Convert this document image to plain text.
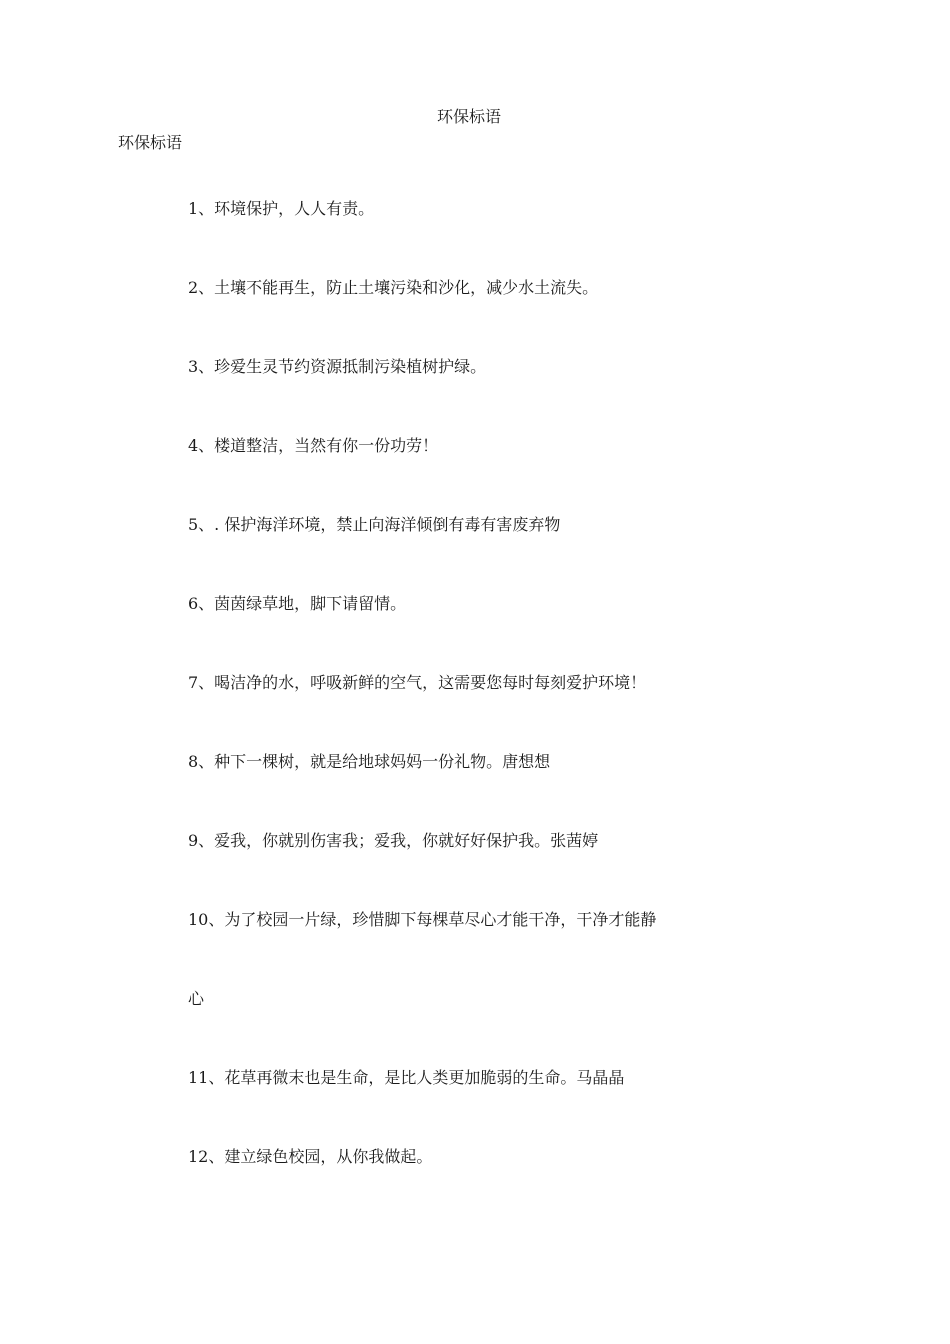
环保标语

环保标语

1、环境保护，人人有责。
2、土壤不能再生，防止土壤污染和沙化，减少水土流失。
3、珍爱生灵节约资源抵制污染植树护绿。
4、楼道整洁，当然有你一份功劳！
5、. 保护海洋环境，禁止向海洋倾倒有毒有害废弃物
6、茵茵绿草地，脚下请留情。
7、喝洁净的水，呼吸新鲜的空气，这需要您每时每刻爱护环境！
8、种下一棵树，就是给地球妈妈一份礼物。唐想想
9、爱我，你就别伤害我；爱我，你就好好保护我。张茜婷
10、为了校园一片绿，珍惜脚下每棵草尽心才能干净，干净才能静
心
11、花草再微末也是生命，是比人类更加脆弱的生命。马晶晶
12、建立绿色校园，从你我做起。
